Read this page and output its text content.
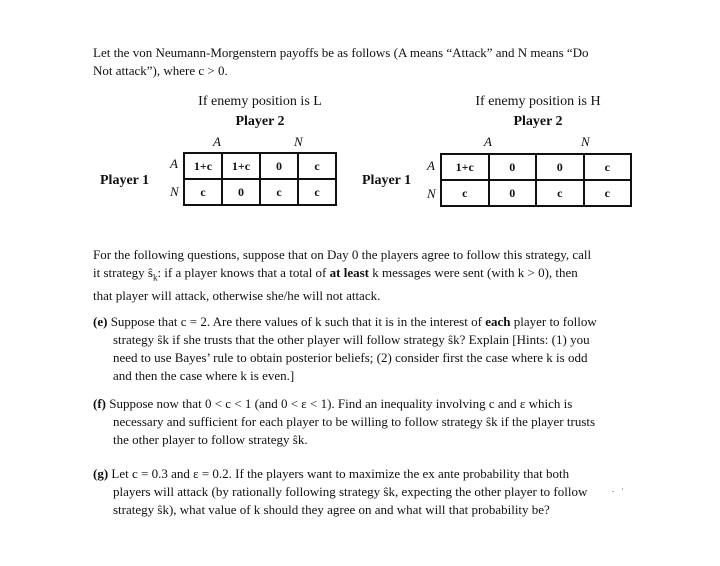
Let the von Neumann-Morgenstern payoffs be as follows (A means “Attack” and N means “Do
Not attack”), where c > 0.
If enemy position is L
Player 2
A	N
Player 1
A
N
1+c	1+c	0	c
c	0	c	c
If enemy position is H
Player 2
A	N
Player 1
A
N
1+c	0	0	c
c	0	c	c
For the following questions, suppose that on Day 0 the players agree to follow this strategy, call
it strategy $ŝ_k$: if a player knows that a total of at least k messages were sent (with k > 0), then
that player will attack, otherwise she/he will not attack.
(e) Suppose that c = 2. Are there values of k such that it is in the interest of each player to follow
strategy ŝk if she trusts that the other player will follow strategy ŝk? Explain [Hints: (1) you
need to use Bayes’ rule to obtain posterior beliefs; (2) consider first the case where k is odd
and then the case where k is even.]
(f) Suppose now that 0 < c < 1 (and 0 < ε < 1). Find an inequality involving c and ε which is
necessary and sufficient for each player to be willing to follow strategy ŝk if the player trusts
the other player to follow strategy ŝk.
(g) Let c = 0.3 and ε = 0.2. If the players want to maximize the ex ante probability that both
players will attack (by rationally following strategy ŝk, expecting the other player to follow
strategy ŝk), what value of k should they agree on and what will that probability be?
.   ·
